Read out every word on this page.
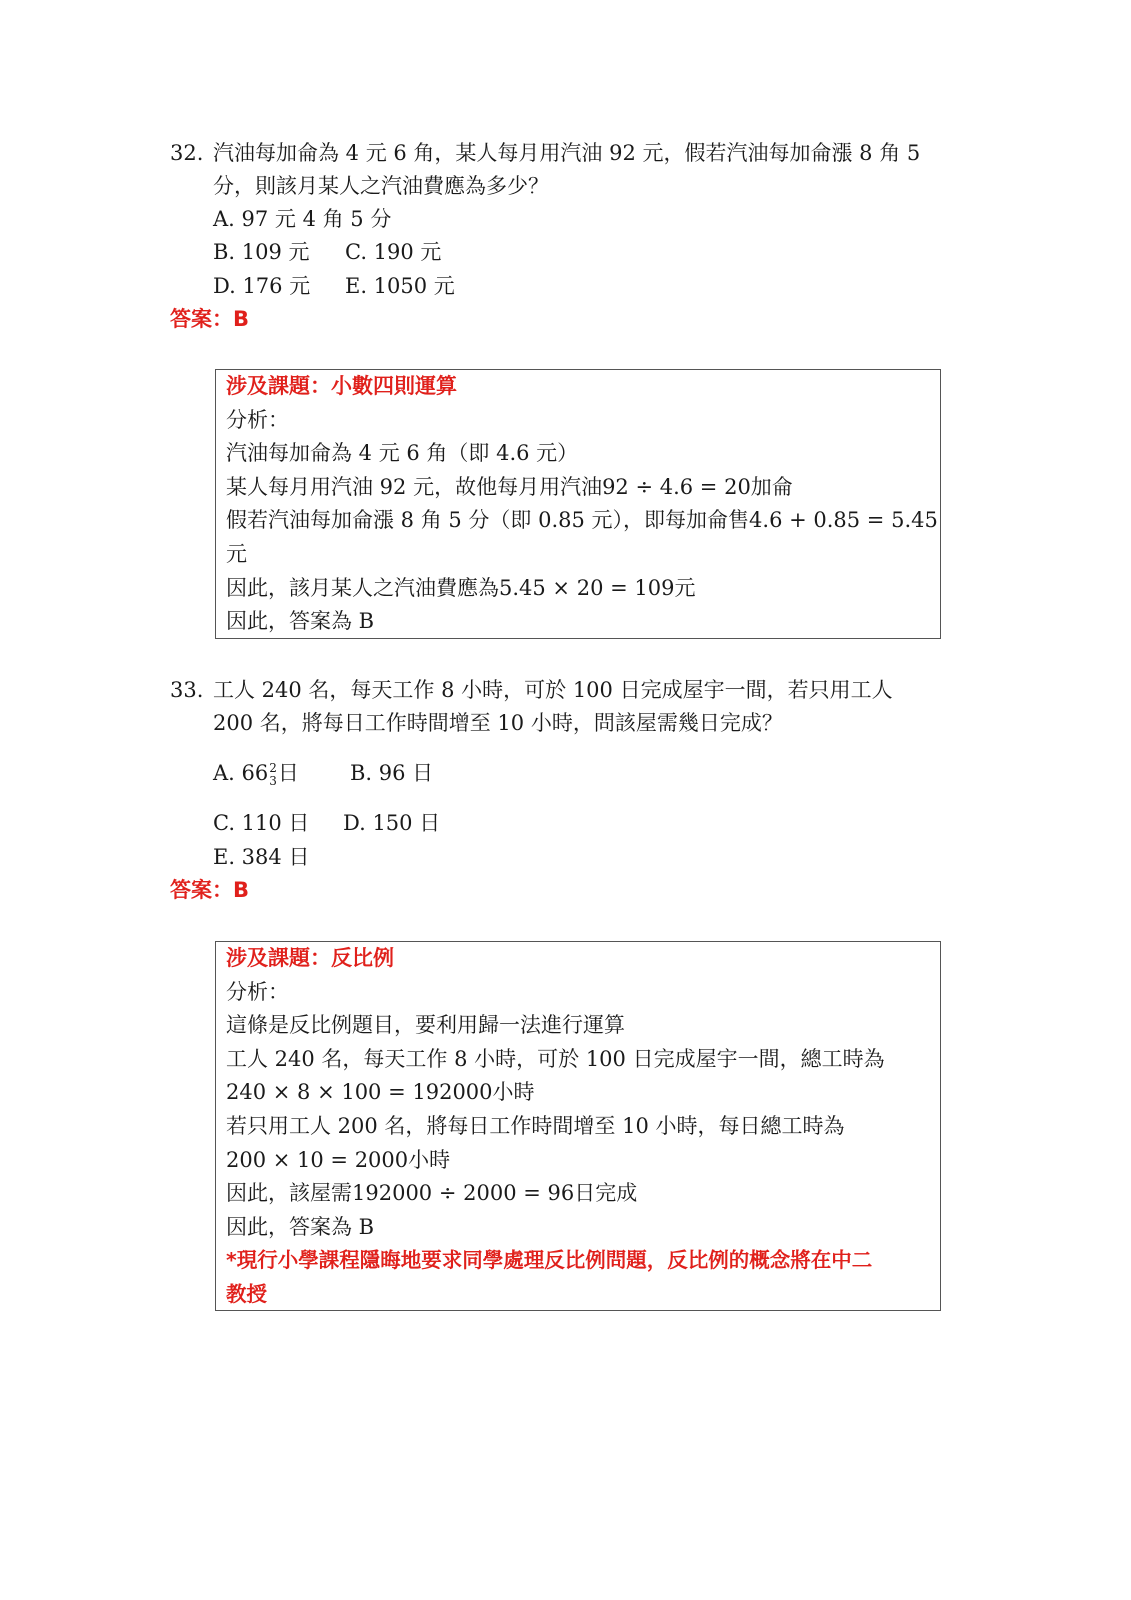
32. 汽油每加侖為 4 元 6 角，某人每月用汽油 92 元，假若汽油每加侖漲 8 角 5
分，則該月某人之汽油費應為多少？
A. 97 元 4 角 5 分
B. 109 元 C. 190 元
D. 176 元 E. 1050 元
答案：B
涉及課題：小數四則運算
分析：
汽油每加侖為 4 元 6 角（即 4.6 元）
某人每月用汽油 92 元，故他每月用汽油92 ÷ 4.6 = 20加侖
假若汽油每加侖漲 8 角 5 分（即 0.85 元），即每加侖售4.6 + 0.85 = 5.45
元
因此，該月某人之汽油費應為5.45 × 20 = 109元
因此，答案為 B
33. 工人 240 名，每天工作 8 小時，可於 100 日完成屋宇一間，若只用工人
200 名，將每日工作時間增至 10 小時，問該屋需幾日完成？
A. 66 2
3 日 B. 96 日
C. 110 日 D. 150 日
E. 384 日
答案：B
涉及課題：反比例
分析：
這條是反比例題目，要利用歸一法進行運算
工人 240 名，每天工作 8 小時，可於 100 日完成屋宇一間，總工時為
240 × 8 × 100 = 192000小時
若只用工人 200 名，將每日工作時間增至 10 小時，每日總工時為
200 × 10 = 2000小時
因此，該屋需192000 ÷ 2000 = 96日完成
因此，答案為 B
*現行小學課程隱晦地要求同學處理反比例問題，反比例的概念將在中二
教授
